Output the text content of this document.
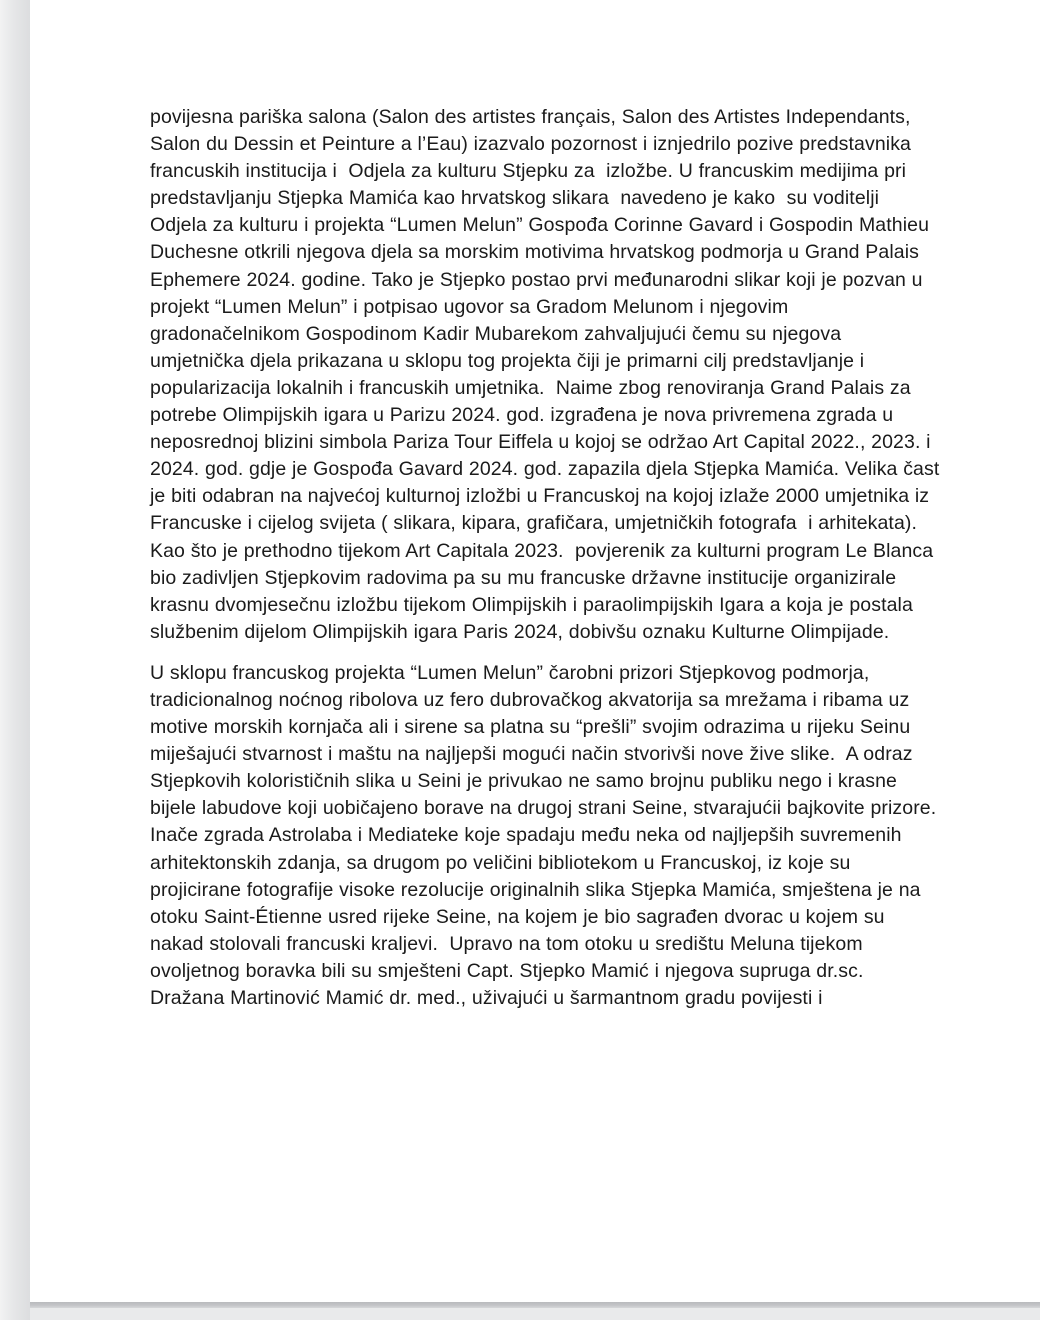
povijesna pariška salona (Salon des artistes français, Salon des Artistes Independants, Salon du Dessin et Peinture a l’Eau) izazvalo pozornost i iznjedrilo pozive predstavnika francuskih institucija i  Odjela za kulturu Stjepku za  izložbe. U francuskim medijima pri predstavljanju Stjepka Mamića kao hrvatskog slikara  navedeno je kako  su voditelji Odjela za kulturu i projekta “Lumen Melun” Gospođa Corinne Gavard i Gospodin Mathieu Duchesne otkrili njegova djela sa morskim motivima hrvatskog podmorja u Grand Palais Ephemere 2024. godine. Tako je Stjepko postao prvi međunarodni slikar koji je pozvan u projekt “Lumen Melun” i potpisao ugovor sa Gradom Melunom i njegovim gradonačelnikom Gospodinom Kadir Mubarekom zahvaljujući čemu su njegova umjetnička djela prikazana u sklopu tog projekta čiji je primarni cilj predstavljanje i popularizacija lokalnih i francuskih umjetnika.  Naime zbog renoviranja Grand Palais za potrebe Olimpijskih igara u Parizu 2024. god. izgrađena je nova privremena zgrada u neposrednoj blizini simbola Pariza Tour Eiffela u kojoj se održao Art Capital 2022., 2023. i 2024. god. gdje je Gospođa Gavard 2024. god. zapazila djela Stjepka Mamića. Velika čast je biti odabran na najvećoj kulturnoj izložbi u Francuskoj na kojoj izlaže 2000 umjetnika iz Francuske i cijelog svijeta ( slikara, kipara, grafičara, umjetničkih fotografa  i arhitekata).  Kao što je prethodno tijekom Art Capitala 2023.  povjerenik za kulturni program Le Blanca bio zadivljen Stjepkovim radovima pa su mu francuske državne institucije organizirale krasnu dvomjesečnu izložbu tijekom Olimpijskih i paraolimpijskih Igara a koja je postala službenim dijelom Olimpijskih igara Paris 2024, dobivšu oznaku Kulturne Olimpijade.

U sklopu francuskog projekta “Lumen Melun” čarobni prizori Stjepkovog podmorja, tradicionalnog noćnog ribolova uz fero dubrovačkog akvatorija sa mrežama i ribama uz motive morskih kornjača ali i sirene sa platna su “prešli” svojim odrazima u rijeku Seinu miješajući stvarnost i maštu na najljepši mogući način stvorivši nove žive slike.  A odraz Stjepkovih kolorističnih slika u Seini je privukao ne samo brojnu publiku nego i krasne bijele labudove koji uobičajeno borave na drugoj strani Seine, stvarajućii bajkovite prizore.  Inače zgrada Astrolaba i Mediateke koje spadaju među neka od najljepših suvremenih arhitektonskih zdanja, sa drugom po veličini bibliotekom u Francuskoj, iz koje su projicirane fotografije visoke rezolucije originalnih slika Stjepka Mamića, smještena je na otoku Saint-Étienne usred rijeke Seine, na kojem je bio sagrađen dvorac u kojem su nakad stolovali francuski kraljevi.  Upravo na tom otoku u središtu Meluna tijekom ovoljetnog boravka bili su smješteni Capt. Stjepko Mamić i njegova supruga dr.sc. Dražana Martinović Mamić dr. med., uživajući u šarmantnom gradu povijesti i
